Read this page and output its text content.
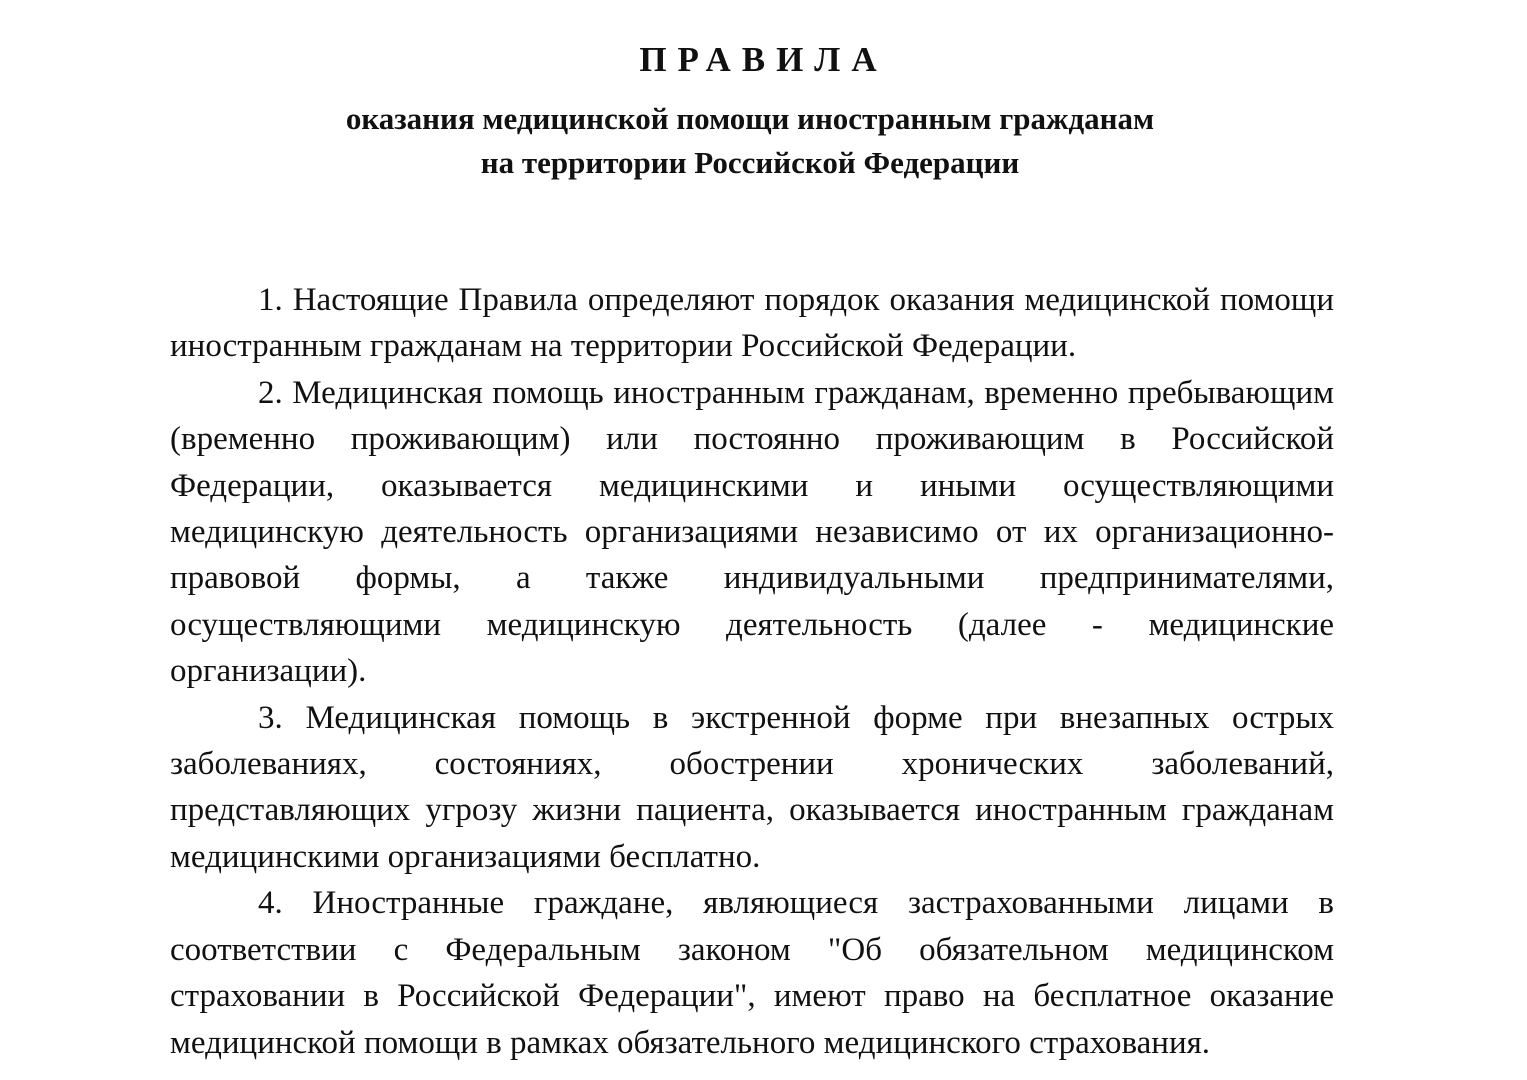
ПРАВИЛА
оказания медицинской помощи иностранным гражданам
на территории Российской Федерации

1. Настоящие Правила определяют порядок оказания медицинской помощи иностранным гражданам на территории Российской Федерации.

2. Медицинская помощь иностранным гражданам, временно пребывающим (временно проживающим) или постоянно проживающим в Российской Федерации, оказывается медицинскими и иными осуществляющими медицинскую деятельность организациями независимо от их организационно-правовой формы, а также индивидуальными предпринимателями, осуществляющими медицинскую деятельность (далее - медицинские организации).

3. Медицинская помощь в экстренной форме при внезапных острых заболеваниях, состояниях, обострении хронических заболеваний, представляющих угрозу жизни пациента, оказывается иностранным гражданам медицинскими организациями бесплатно.

4. Иностранные граждане, являющиеся застрахованными лицами в соответствии с Федеральным законом "Об обязательном медицинском страховании в Российской Федерации", имеют право на бесплатное оказание медицинской помощи в рамках обязательного медицинского страхования.
